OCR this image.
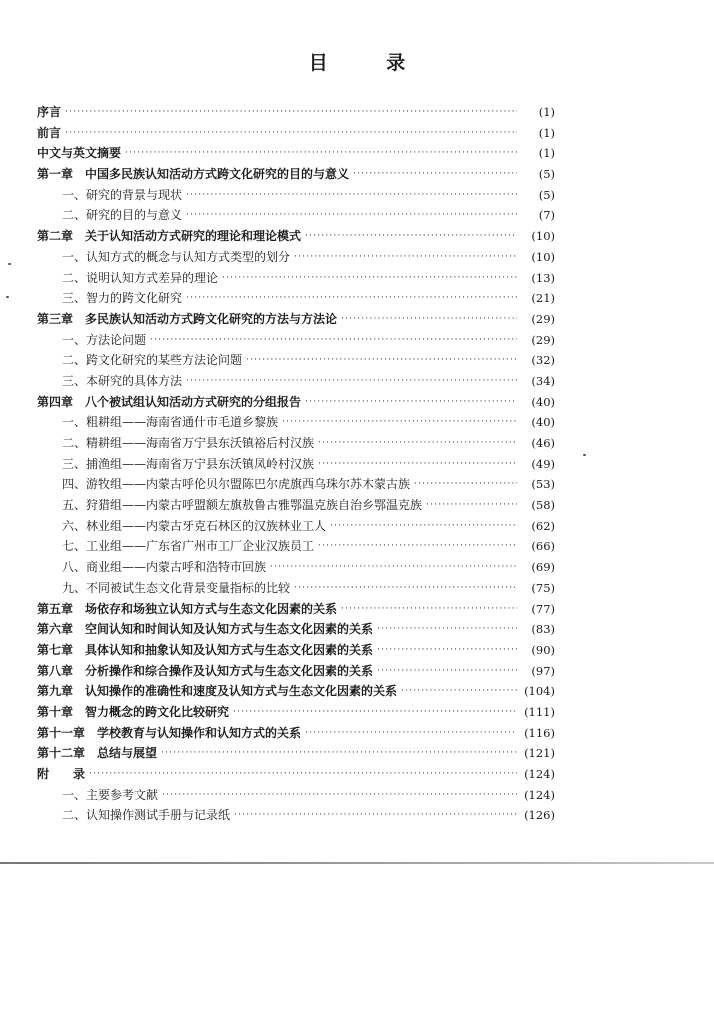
目 录
序言 ·····	(1)
前言 ·····	(1)
中文与英文摘要 ·····	(1)
第一章　中国多民族认知活动方式跨文化研究的目的与意义 ·····	(5)
一、研究的背景与现状 ·····	(5)
二、研究的目的与意义 ·····	(7)
第二章　关于认知活动方式研究的理论和理论模式 ·····	(10)
一、认知方式的概念与认知方式类型的划分 ·····	(10)
二、说明认知方式差异的理论 ·····	(13)
三、智力的跨文化研究 ·····	(21)
第三章　多民族认知活动方式跨文化研究的方法与方法论 ·····	(29)
一、方法论问题 ·····	(29)
二、跨文化研究的某些方法论问题 ·····	(32)
三、本研究的具体方法 ·····	(34)
第四章　八个被试组认知活动方式研究的分组报告 ·····	(40)
一、粗耕组——海南省通什市毛道乡黎族 ·····	(40)
二、精耕组——海南省万宁县东沃镇裕后村汉族 ·····	(46)
三、捕渔组——海南省万宁县东沃镇凤岭村汉族 ·····	(49)
四、游牧组——内蒙古呼伦贝尔盟陈巴尔虎旗西乌珠尔苏木蒙古族 ·····	(53)
五、狩猎组——内蒙古呼盟额左旗敖鲁古雅鄂温克族自治乡鄂温克族 ·····	(58)
六、林业组——内蒙古牙克石林区的汉族林业工人 ·····	(62)
七、工业组——广东省广州市工厂企业汉族员工 ·····	(66)
八、商业组——内蒙古呼和浩特市回族 ·····	(69)
九、不同被试生态文化背景变量指标的比较 ·····	(75)
第五章　场依存和场独立认知方式与生态文化因素的关系 ·····	(77)
第六章　空间认知和时间认知及认知方式与生态文化因素的关系 ·····	(83)
第七章　具体认知和抽象认知及认知方式与生态文化因素的关系 ·····	(90)
第八章　分析操作和综合操作及认知方式与生态文化因素的关系 ·····	(97)
第九章　认知操作的准确性和速度及认知方式与生态文化因素的关系 ·····	(104)
第十章　智力概念的跨文化比较研究 ·····	(111)
第十一章　学校教育与认知操作和认知方式的关系 ·····	(116)
第十二章　总结与展望 ·····	(121)
附　　录 ·····	(124)
一、主要参考文献 ·····	(124)
二、认知操作测试手册与记录纸 ·····	(126)
